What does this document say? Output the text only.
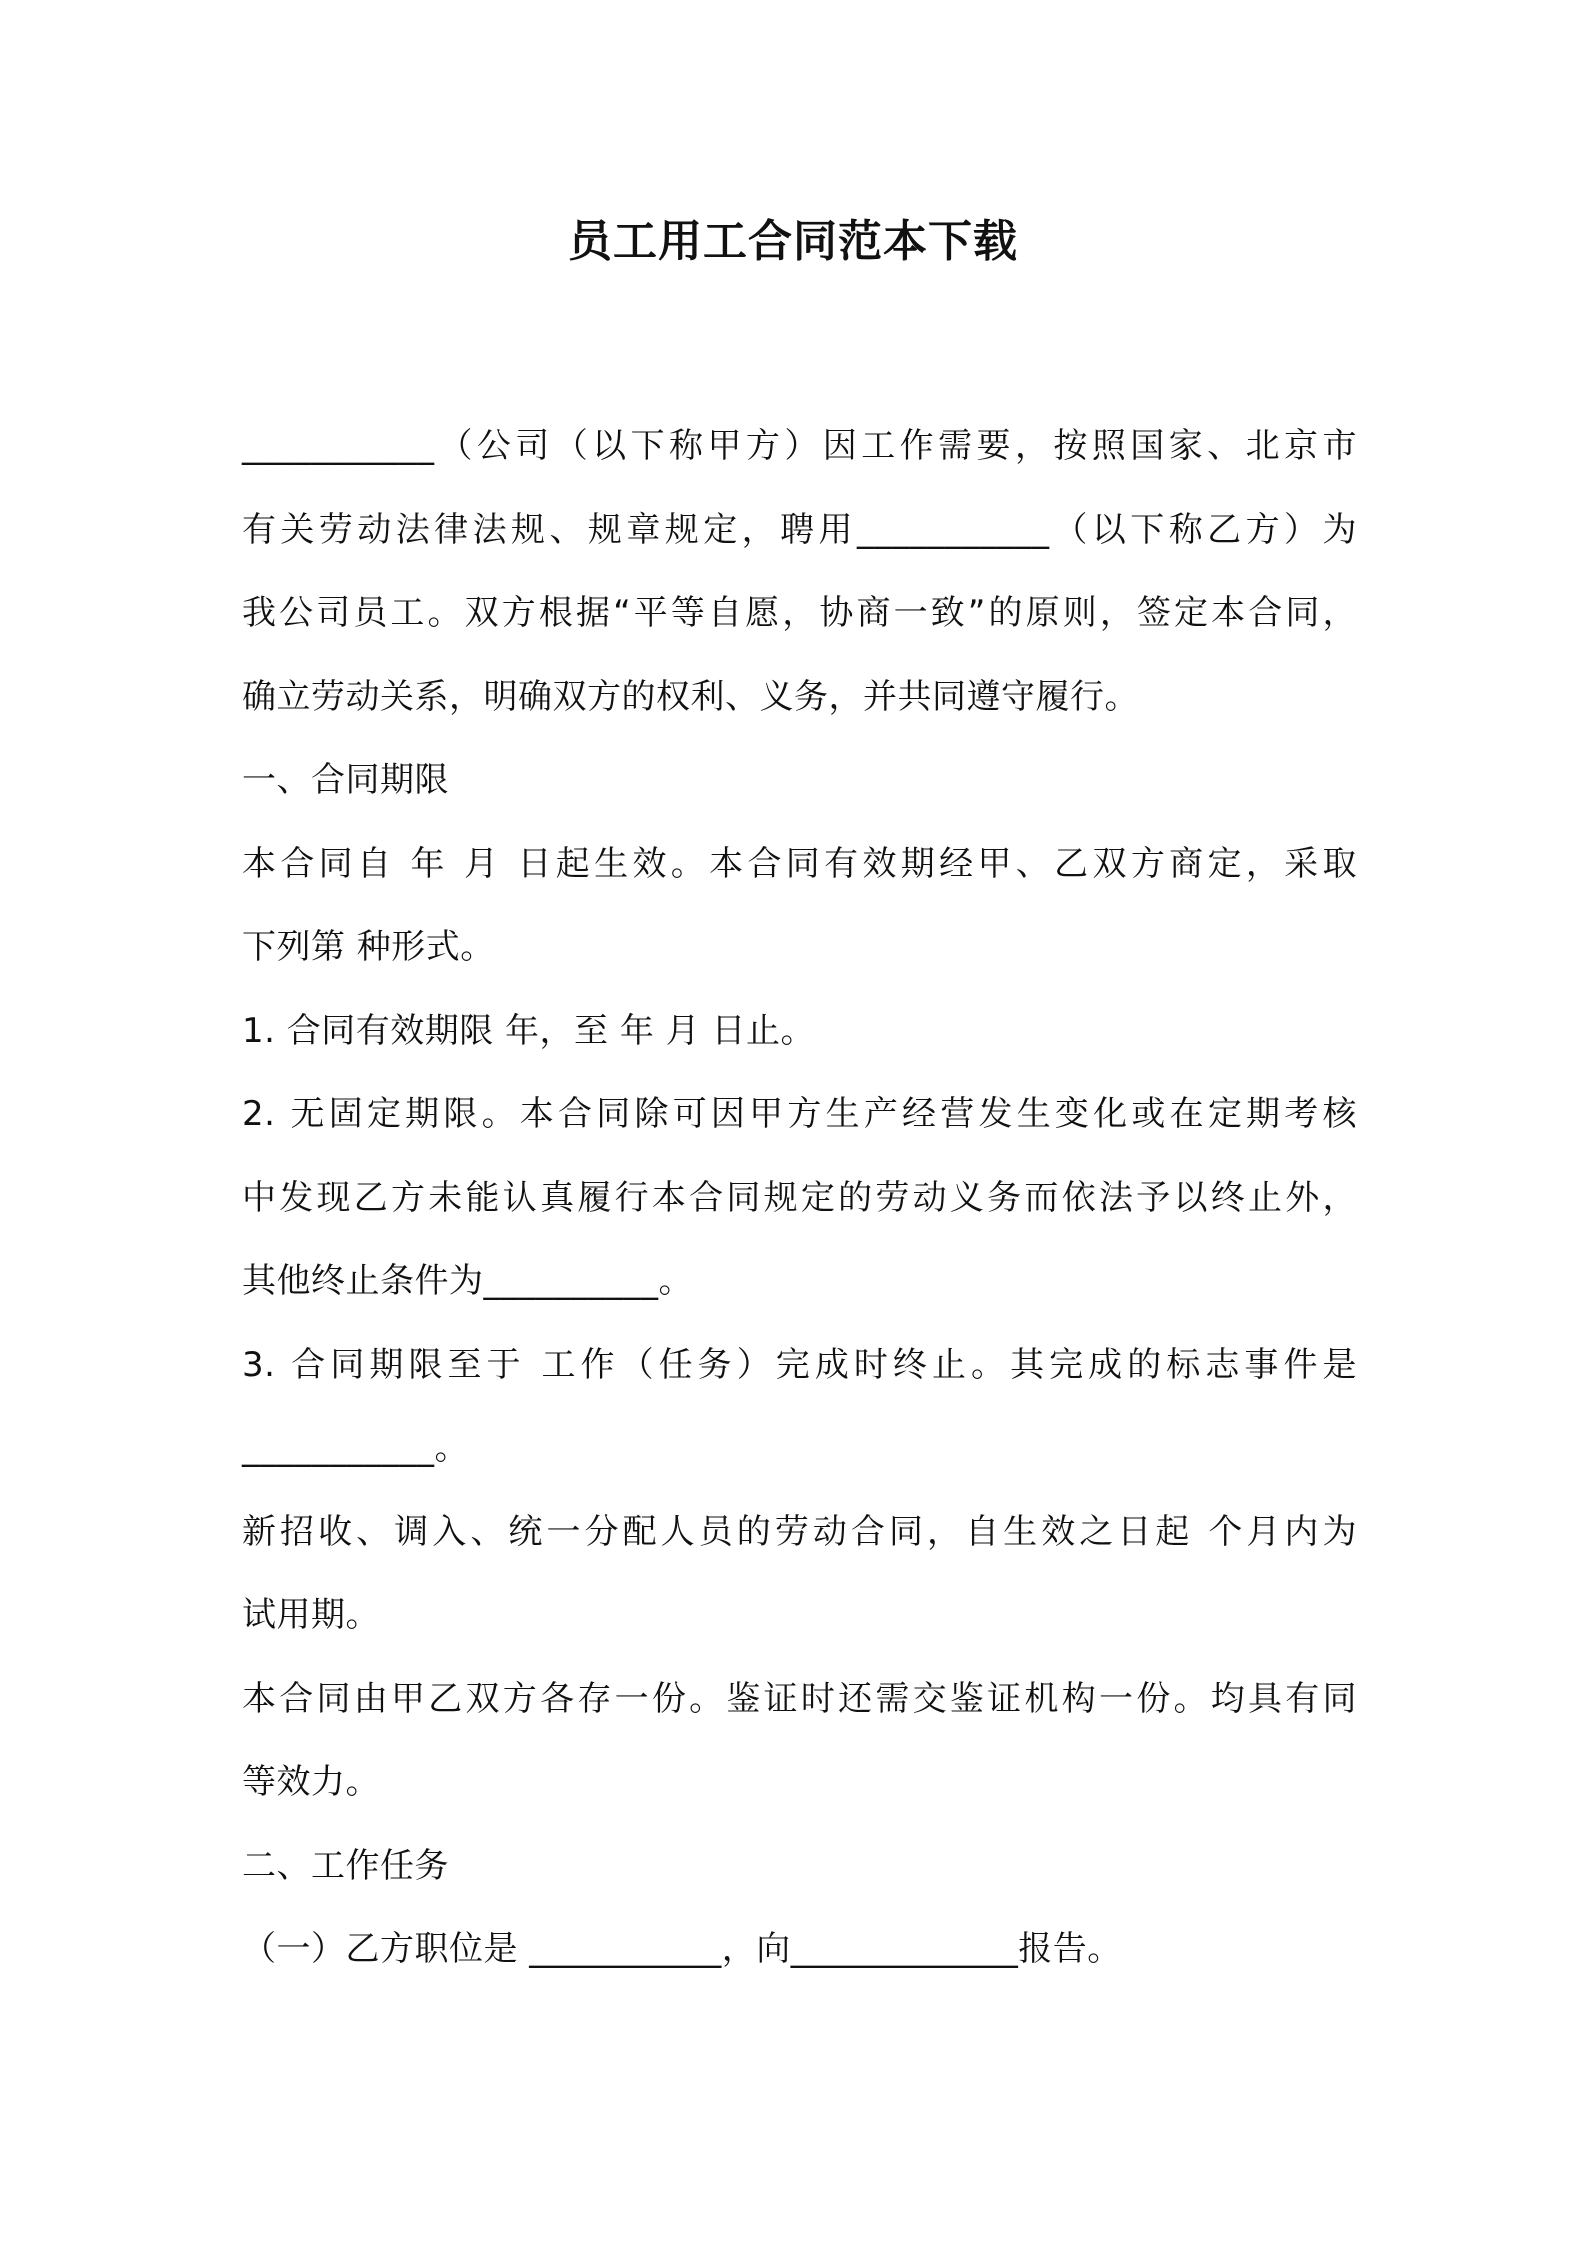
员工用工合同范本下载
___________（公司（以下称甲方）因工作需要，按照国家、北京市
有关劳动法律法规、规章规定，聘用___________（以下称乙方）为
我公司员工。双方根据“平等自愿，协商一致”的原则，签定本合同，
确立劳动关系，明确双方的权利、义务，并共同遵守履行。
一、合同期限
本合同自 年 月 日起生效。本合同有效期经甲、乙双方商定，采取
下列第 种形式。
1. 合同有效期限 年，至 年 月 日止。
2. 无固定期限。本合同除可因甲方生产经营发生变化或在定期考核
中发现乙方未能认真履行本合同规定的劳动义务而依法予以终止外，
其他终止条件为__________。
3. 合同期限至于 工作（任务）完成时终止。其完成的标志事件是
___________。
新招收、调入、统一分配人员的劳动合同，自生效之日起 个月内为
试用期。
本合同由甲乙双方各存一份。鉴证时还需交鉴证机构一份。均具有同
等效力。
二、工作任务
（一）乙方职位是 ___________，向_____________报告。
